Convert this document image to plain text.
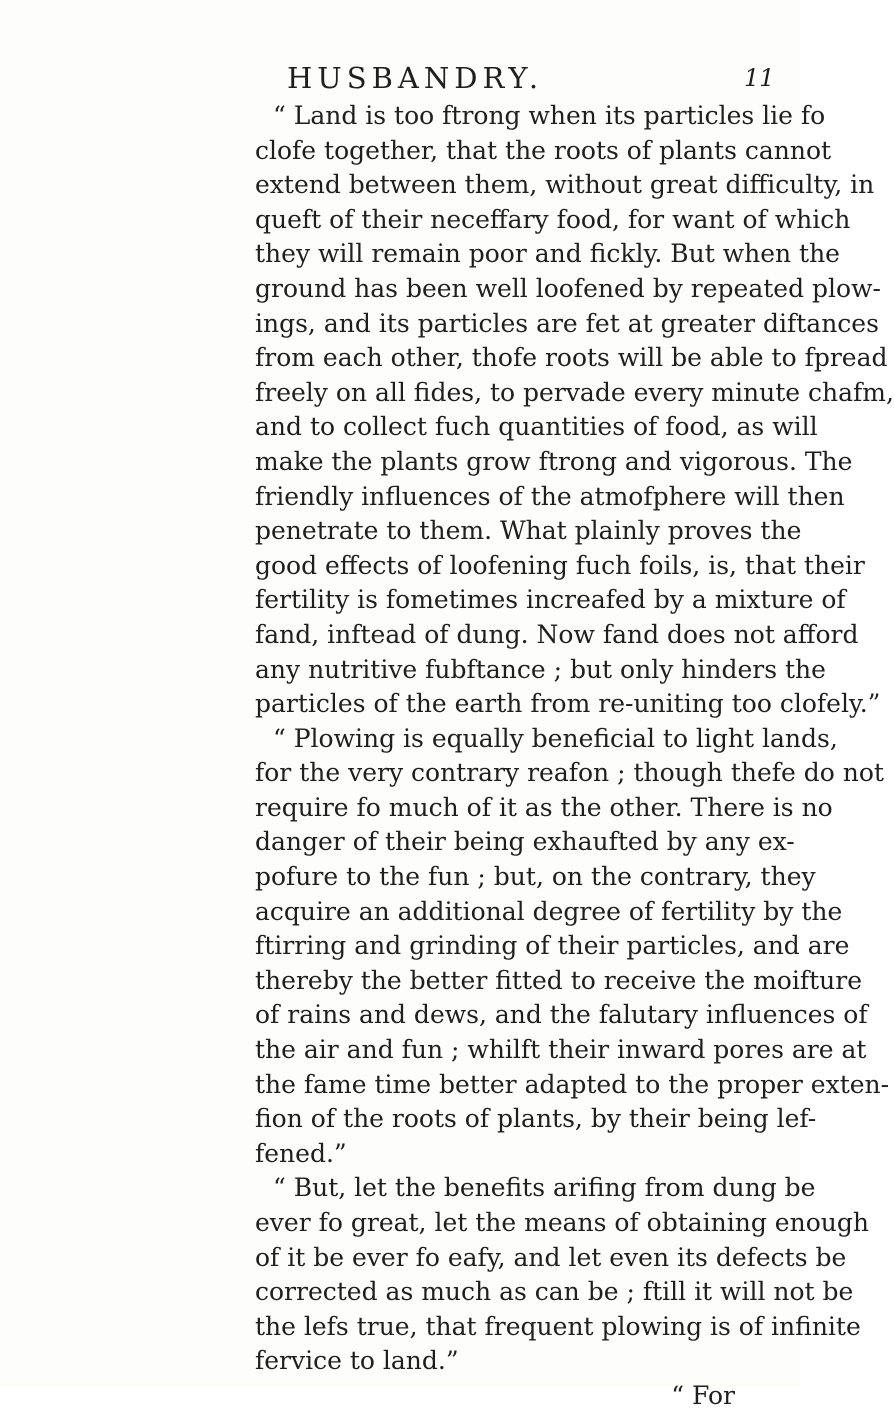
HUSBANDRY.	11
“ Land is too ftrong when its particles lie fo
clofe together, that the roots of plants cannot
extend between them, without great difficulty, in
queft of their neceffary food, for want of which
they will remain poor and fickly. But when the
ground has been well loofened by repeated plow-
ings, and its particles are fet at greater diftances
from each other, thofe roots will be able to fpread
freely on all fides, to pervade every minute chafm,
and to collect fuch quantities of food, as will
make the plants grow ftrong and vigorous. The
friendly influences of the atmofphere will then
penetrate to them. What plainly proves the
good effects of loofening fuch foils, is, that their
fertility is fometimes increafed by a mixture of
fand, inftead of dung. Now fand does not afford
any nutritive fubftance ; but only hinders the
particles of the earth from re-uniting too clofely.”
“ Plowing is equally beneficial to light lands,
for the very contrary reafon ; though thefe do not
require fo much of it as the other. There is no
danger of their being exhaufted by any ex-
pofure to the fun ; but, on the contrary, they
acquire an additional degree of fertility by the
ftirring and grinding of their particles, and are
thereby the better fitted to receive the moifture
of rains and dews, and the falutary influences of
the air and fun ; whilft their inward pores are at
the fame time better adapted to the proper exten-
fion of the roots of plants, by their being lef-
fened.”
“ But, let the benefits arifing from dung be
ever fo great, let the means of obtaining enough
of it be ever fo eafy, and let even its defects be
corrected as much as can be ; ftill it will not be
the lefs true, that frequent plowing is of infinite
fervice to land.”
“ For
